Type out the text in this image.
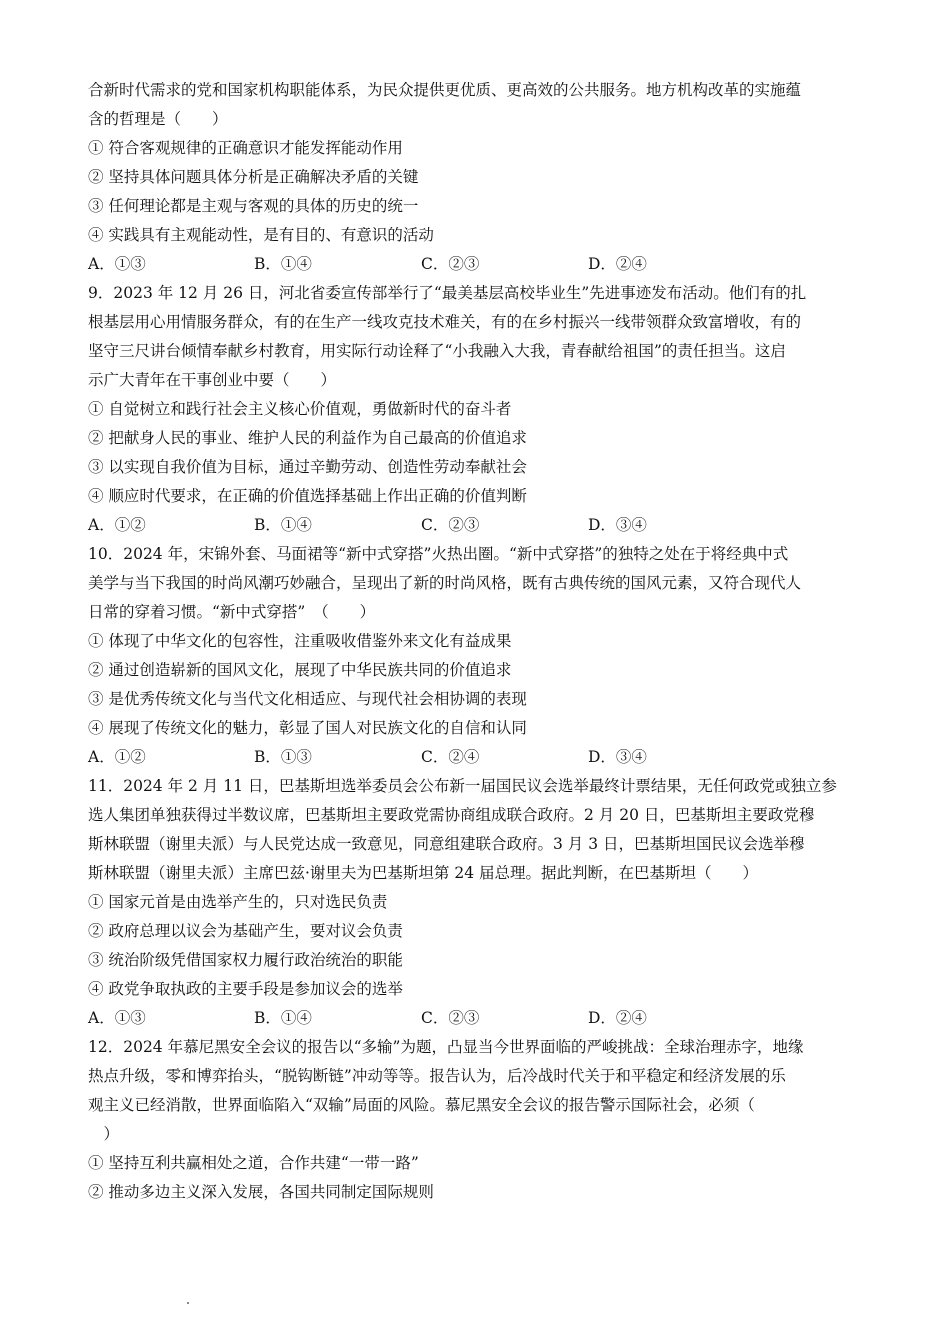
合新时代需求的党和国家机构职能体系，为民众提供更优质、更高效的公共服务。地方机构改革的实施蕴
含的哲理是（　　）
① 符合客观规律的正确意识才能发挥能动作用
② 坚持具体问题具体分析是正确解决矛盾的关键
③ 任何理论都是主观与客观的具体的历史的统一
④ 实践具有主观能动性，是有目的、有意识的活动
A．①③	B．①④	C．②③	D．②④
9．2023 年 12 月 26 日，河北省委宣传部举行了“最美基层高校毕业生”先进事迹发布活动。他们有的扎
根基层用心用情服务群众，有的在生产一线攻克技术难关，有的在乡村振兴一线带领群众致富增收，有的
坚守三尺讲台倾情奉献乡村教育，用实际行动诠释了“小我融入大我，青春献给祖国”的责任担当。这启
示广大青年在干事创业中要（　　）
① 自觉树立和践行社会主义核心价值观，勇做新时代的奋斗者
② 把献身人民的事业、维护人民的利益作为自己最高的价值追求
③ 以实现自我价值为目标，通过辛勤劳动、创造性劳动奉献社会
④ 顺应时代要求，在正确的价值选择基础上作出正确的价值判断
A．①②	B．①④	C．②③	D．③④
10．2024 年，宋锦外套、马面裙等“新中式穿搭”火热出圈。“新中式穿搭”的独特之处在于将经典中式
美学与当下我国的时尚风潮巧妙融合，呈现出了新的时尚风格，既有古典传统的国风元素，又符合现代人
日常的穿着习惯。“新中式穿搭”　（　　）
① 体现了中华文化的包容性，注重吸收借鉴外来文化有益成果
② 通过创造崭新的国风文化，展现了中华民族共同的价值追求
③ 是优秀传统文化与当代文化相适应、与现代社会相协调的表现
④ 展现了传统文化的魅力，彰显了国人对民族文化的自信和认同
A．①②	B．①③	C．②④	D．③④
11．2024 年 2 月 11 日，巴基斯坦选举委员会公布新一届国民议会选举最终计票结果，无任何政党或独立参
选人集团单独获得过半数议席，巴基斯坦主要政党需协商组成联合政府。2 月 20 日，巴基斯坦主要政党穆
斯林联盟（谢里夫派）与人民党达成一致意见，同意组建联合政府。3 月 3 日，巴基斯坦国民议会选举穆
斯林联盟（谢里夫派）主席巴兹·谢里夫为巴基斯坦第 24 届总理。据此判断，在巴基斯坦（　　）
① 国家元首是由选举产生的，只对选民负责
② 政府总理以议会为基础产生，要对议会负责
③ 统治阶级凭借国家权力履行政治统治的职能
④ 政党争取执政的主要手段是参加议会的选举
A．①③	B．①④	C．②③	D．②④
12．2024 年慕尼黑安全会议的报告以“多输”为题，凸显当今世界面临的严峻挑战：全球治理赤字，地缘
热点升级，零和博弈抬头，“脱钩断链”冲动等等。报告认为，后冷战时代关于和平稳定和经济发展的乐
观主义已经消散，世界面临陷入“双输”局面的风险。慕尼黑安全会议的报告警示国际社会，必须（
　）
① 坚持互利共赢相处之道，合作共建“一带一路”
② 推动多边主义深入发展，各国共同制定国际规则
